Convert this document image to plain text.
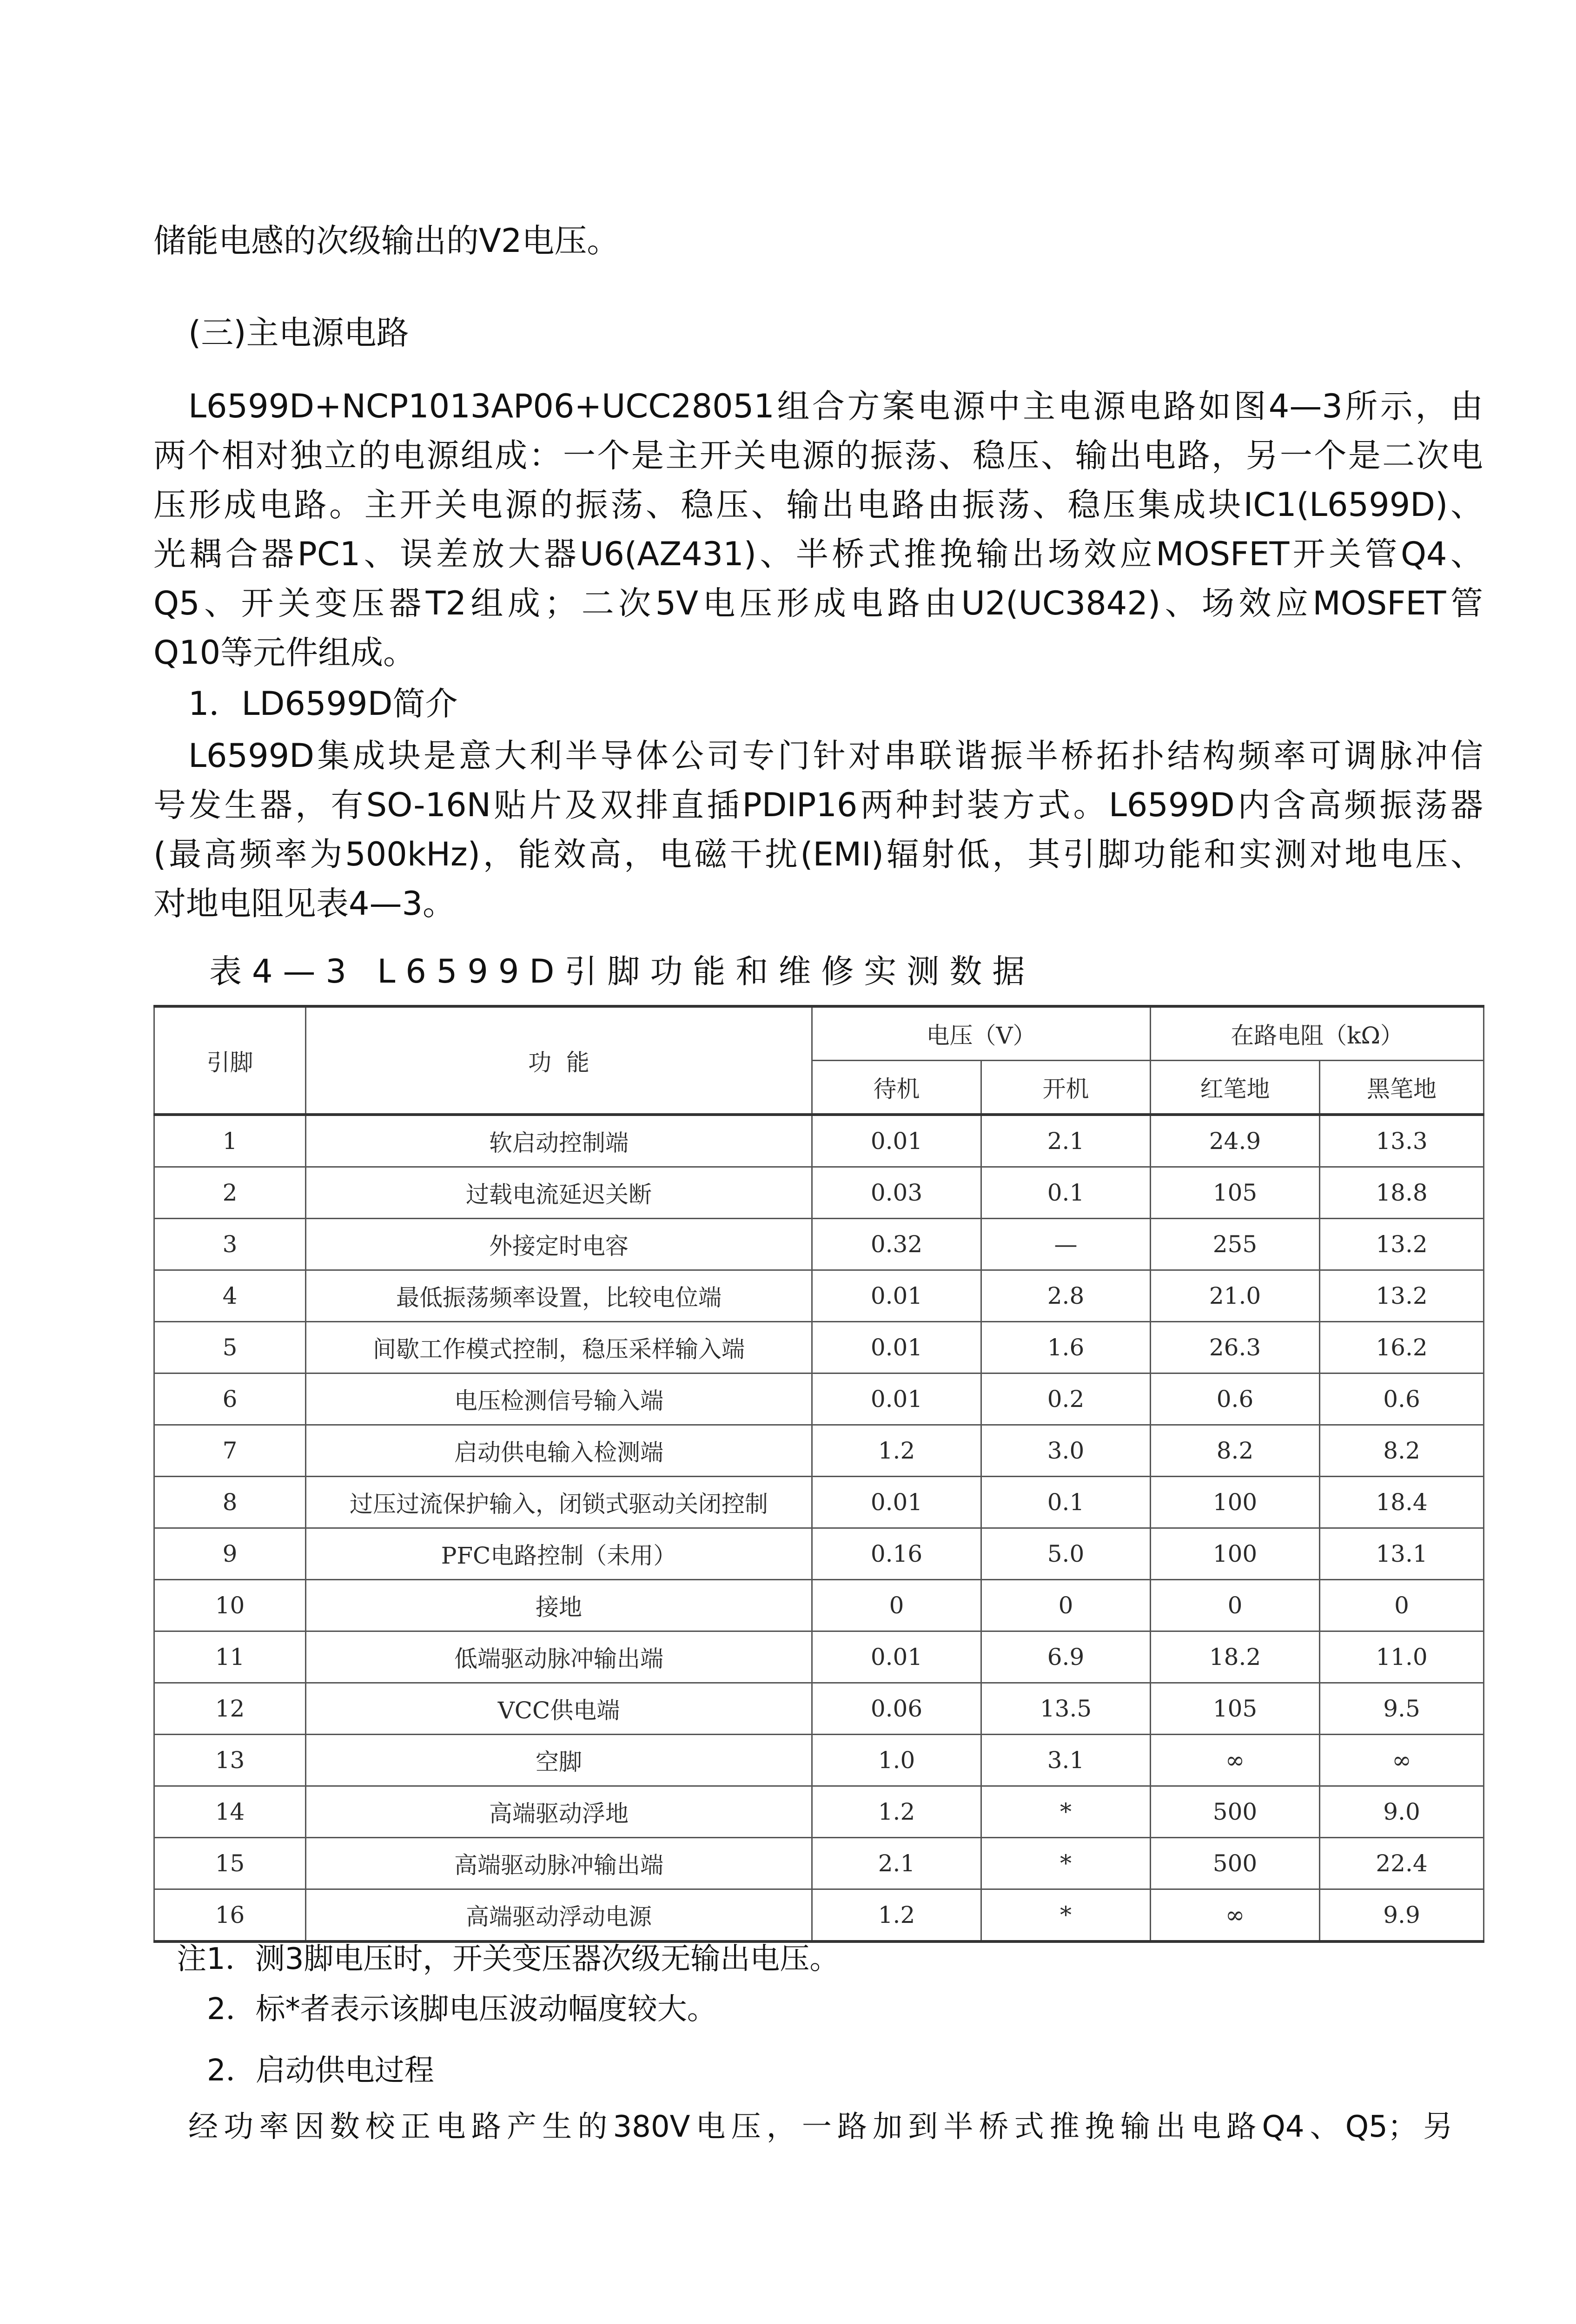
储能电感的次级输出的V2电压。
(三)主电源电路
L6599D+NCP1013AP06+UCC28051组合方案电源中主电源电路如图4—3所示，由
两个相对独立的电源组成：一个是主开关电源的振荡、稳压、输出电路，另一个是二次电
压形成电路。主开关电源的振荡、稳压、输出电路由振荡、稳压集成块IC1(L6599D)、
光耦合器PC1、误差放大器U6(AZ431)、半桥式推挽输出场效应MOSFET开关管Q4、
Q5、开关变压器T2组成；二次5V电压形成电路由U2(UC3842)、场效应MOSFET管
Q10等元件组成。
1．LD6599D简介
L6599D集成块是意大利半导体公司专门针对串联谐振半桥拓扑结构频率可调脉冲信
号发生器，有SO-16N贴片及双排直插PDIP16两种封装方式。L6599D内含高频振荡器
(最高频率为500kHz)，能效高，电磁干扰(EMI)辐射低，其引脚功能和实测对地电压、
对地电阻见表4—3。
表4—3 L6599D引脚功能和维修实测数据
引脚	功  能	电压（V）		在路电阻（kΩ）	
		待机	开机	红笔地	黑笔地
1	软启动控制端	0.01	2.1	24.9	13.3
2	过载电流延迟关断	0.03	0.1	105	18.8
3	外接定时电容	0.32	—	255	13.2
4	最低振荡频率设置，比较电位端	0.01	2.8	21.0	13.2
5	间歇工作模式控制，稳压采样输入端	0.01	1.6	26.3	16.2
6	电压检测信号输入端	0.01	0.2	0.6	0.6
7	启动供电输入检测端	1.2	3.0	8.2	8.2
8	过压过流保护输入，闭锁式驱动关闭控制	0.01	0.1	100	18.4
9	PFC电路控制（未用）	0.16	5.0	100	13.1
10	接地	0	0	0	0
11	低端驱动脉冲输出端	0.01	6.9	18.2	11.0
12	VCC供电端	0.06	13.5	105	9.5
13	空脚	1.0	3.1	∞	∞
14	高端驱动浮地	1.2	*	500	9.0
15	高端驱动脉冲输出端	2.1	*	500	22.4
16	高端驱动浮动电源	1.2	*	∞	9.9
注1．测3脚电压时，开关变压器次级无输出电压。
2．标*者表示该脚电压波动幅度较大。
2．启动供电过程
经功率因数校正电路产生的380V电压，一路加到半桥式推挽输出电路Q4、Q5；另
